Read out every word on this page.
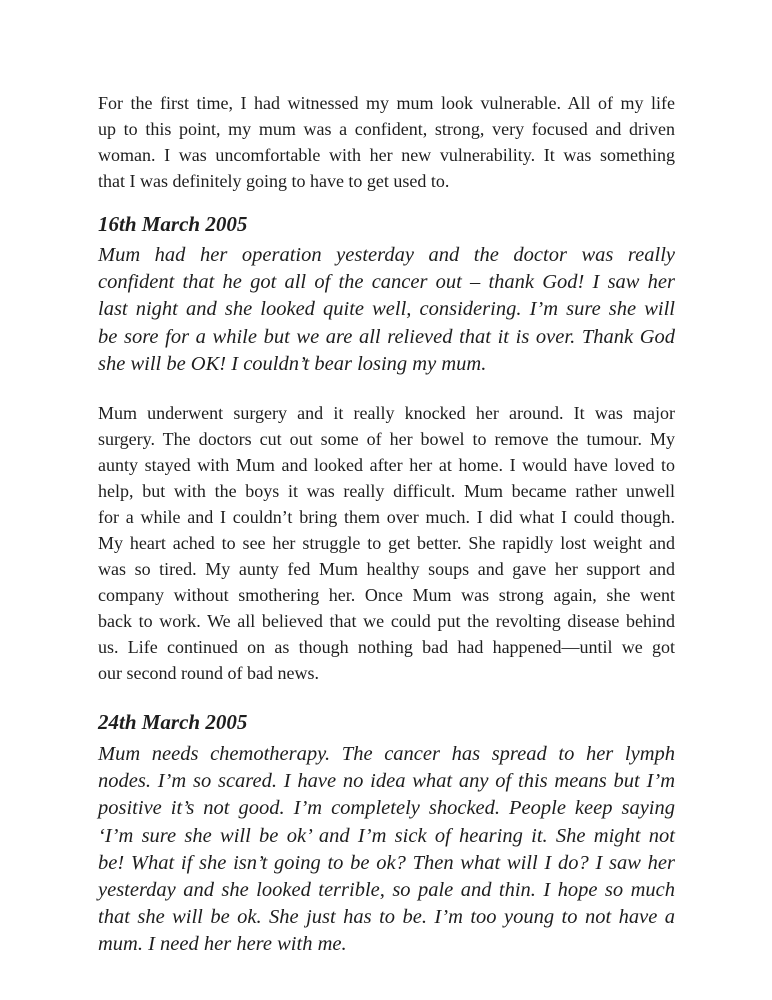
For the first time, I had witnessed my mum look vulnerable. All of my life
up to this point, my mum was a confident, strong, very focused and driven
woman. I was uncomfortable with her new vulnerability. It was something
that I was definitely going to have to get used to.

16th March 2005

Mum had her operation yesterday and the doctor was really
confident that he got all of the cancer out – thank God! I saw her
last night and she looked quite well, considering. I’m sure she will
be sore for a while but we are all relieved that it is over. Thank God
she will be OK! I couldn’t bear losing my mum.

Mum underwent surgery and it really knocked her around. It was major
surgery. The doctors cut out some of her bowel to remove the tumour. My
aunty stayed with Mum and looked after her at home. I would have loved to
help, but with the boys it was really difficult. Mum became rather unwell
for a while and I couldn’t bring them over much. I did what I could though.
My heart ached to see her struggle to get better. She rapidly lost weight and
was so tired. My aunty fed Mum healthy soups and gave her support and
company without smothering her. Once Mum was strong again, she went
back to work. We all believed that we could put the revolting disease behind
us. Life continued on as though nothing bad had happened—until we got
our second round of bad news.

24th March 2005

Mum needs chemotherapy. The cancer has spread to her lymph
nodes. I’m so scared. I have no idea what any of this means but I’m
positive it’s not good. I’m completely shocked. People keep saying
‘I’m sure she will be ok’ and I’m sick of hearing it. She might not
be! What if she isn’t going to be ok? Then what will I do? I saw her
yesterday and she looked terrible, so pale and thin. I hope so much
that she will be ok. She just has to be. I’m too young to not have a
mum. I need her here with me.
